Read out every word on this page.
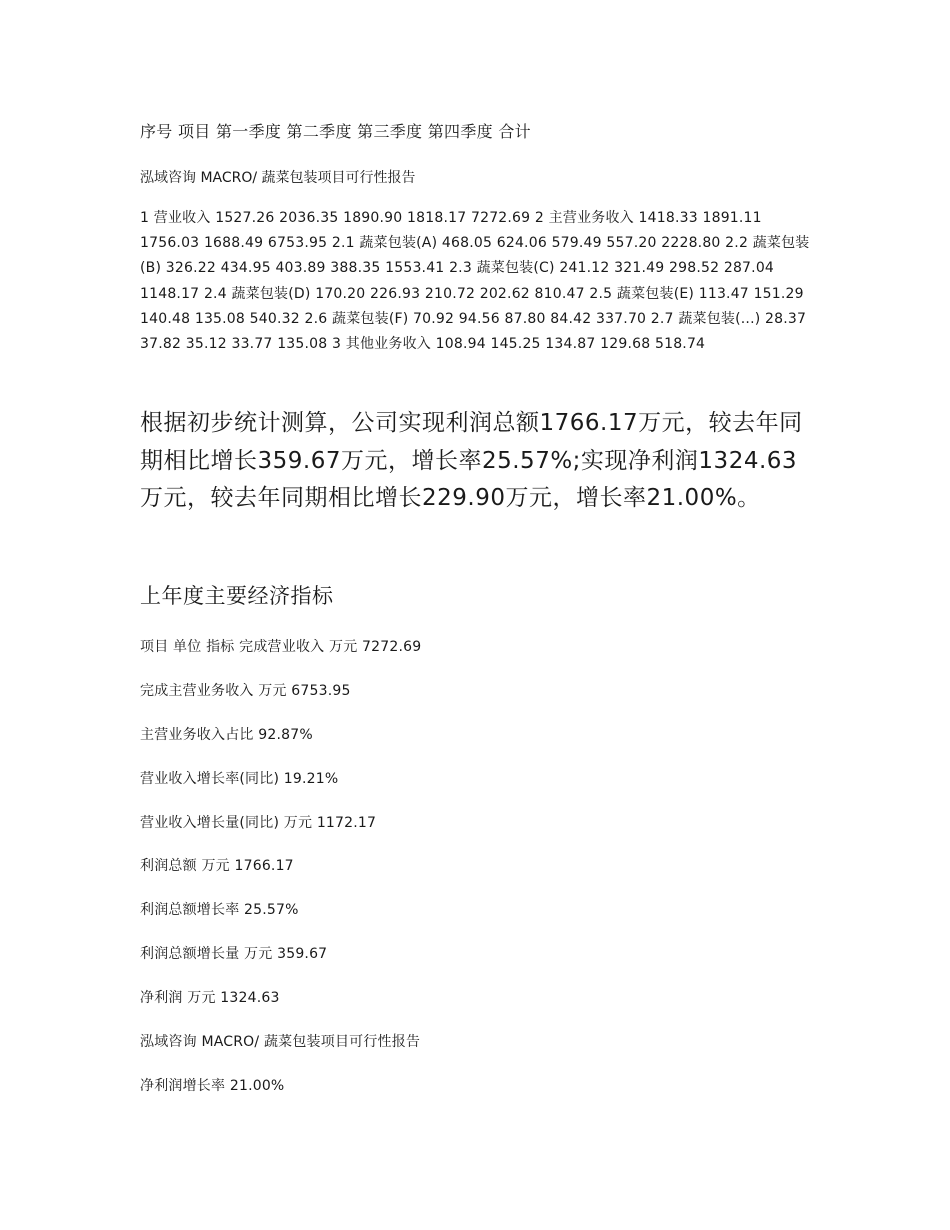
序号 项目 第一季度 第二季度 第三季度 第四季度 合计

泓域咨询 MACRO/ 蔬菜包装项目可行性报告

1 营业收入 1527.26 2036.35 1890.90 1818.17 7272.69 2 主营业务收入 1418.33 1891.11 1756.03 1688.49 6753.95 2.1 蔬菜包装(A) 468.05 624.06 579.49 557.20 2228.80 2.2 蔬菜包装(B) 326.22 434.95 403.89 388.35 1553.41 2.3 蔬菜包装(C) 241.12 321.49 298.52 287.04 1148.17 2.4 蔬菜包装(D) 170.20 226.93 210.72 202.62 810.47 2.5 蔬菜包装(E) 113.47 151.29 140.48 135.08 540.32 2.6 蔬菜包装(F) 70.92 94.56 87.80 84.42 337.70 2.7 蔬菜包装(...) 28.37 37.82 35.12 33.77 135.08 3 其他业务收入 108.94 145.25 134.87 129.68 518.74

根据初步统计测算，公司实现利润总额1766.17万元，较去年同期相比增长359.67万元，增长率25.57%;实现净利润1324.63万元，较去年同期相比增长229.90万元，增长率21.00%。

上年度主要经济指标

项目 单位 指标 完成营业收入 万元 7272.69

完成主营业务收入 万元 6753.95

主营业务收入占比 92.87%

营业收入增长率(同比) 19.21%

营业收入增长量(同比) 万元 1172.17

利润总额 万元 1766.17

利润总额增长率 25.57%

利润总额增长量 万元 359.67

净利润 万元 1324.63

泓域咨询 MACRO/ 蔬菜包装项目可行性报告

净利润增长率 21.00%
